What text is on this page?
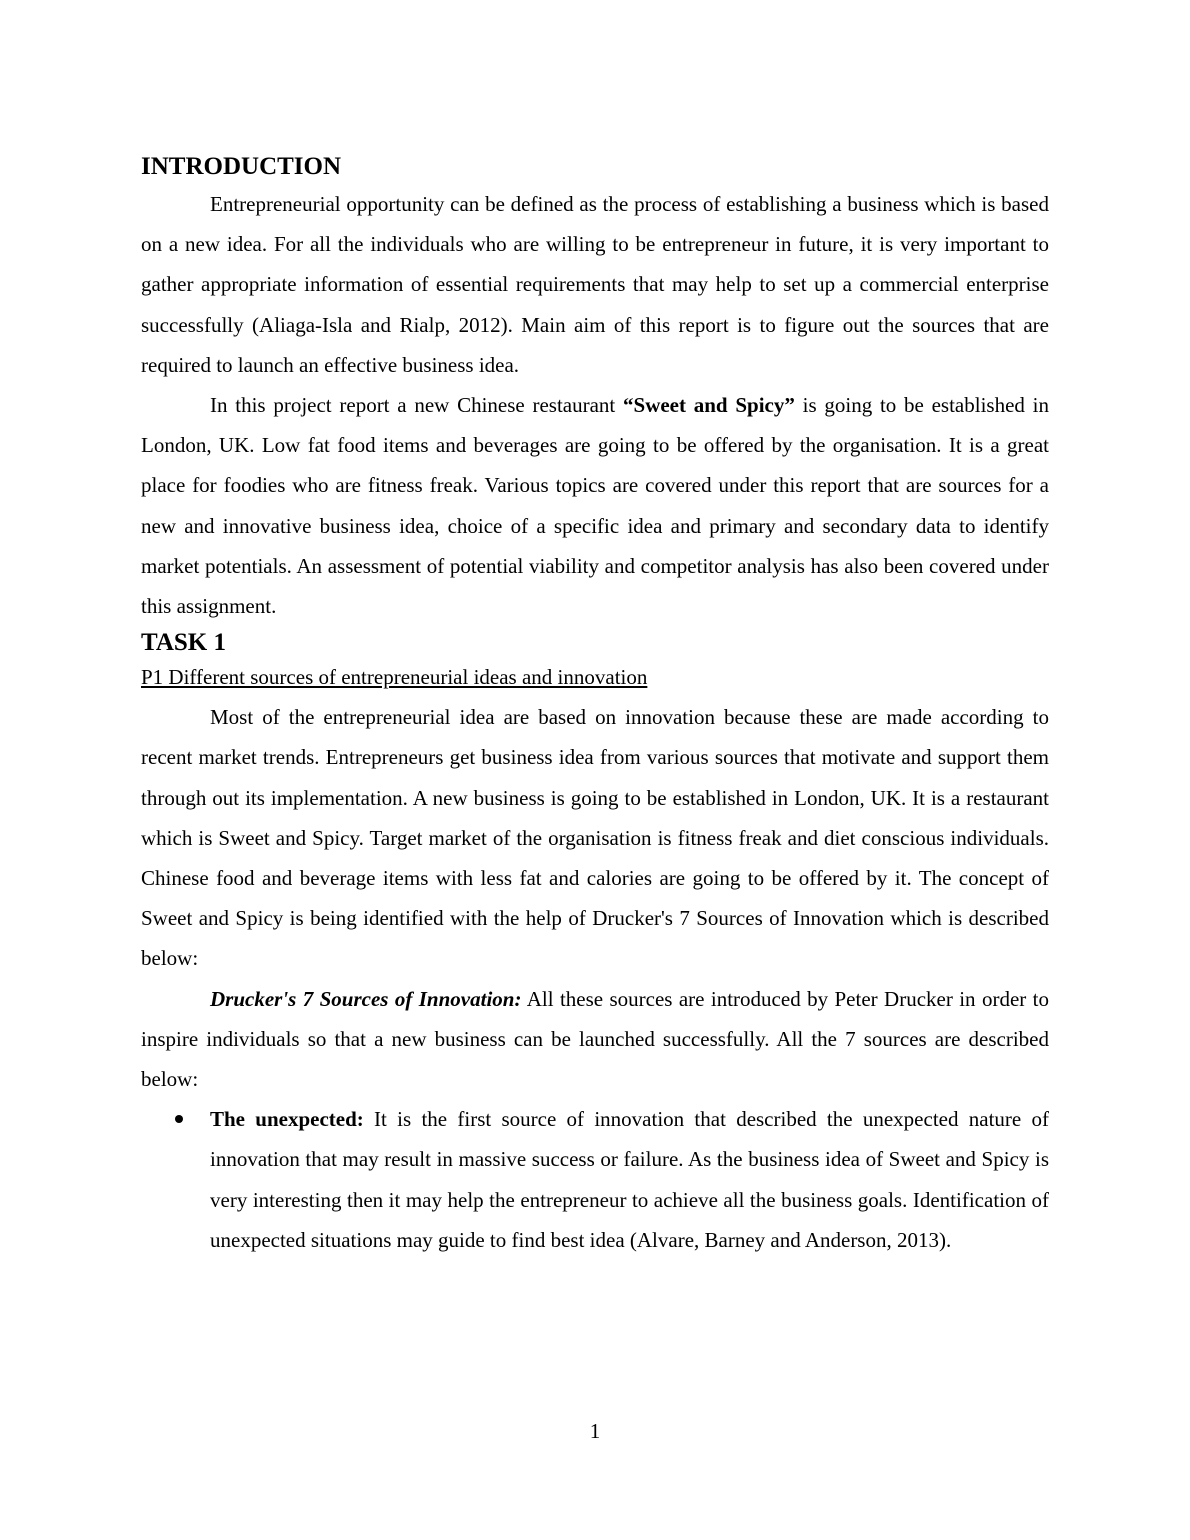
INTRODUCTION

Entrepreneurial opportunity can be defined as the process of establishing a business which is based on a new idea. For all the individuals who are willing to be entrepreneur in future, it is very important to gather appropriate information of essential requirements that may help to set up a commercial enterprise successfully (Aliaga-Isla and Rialp, 2012). Main aim of this report is to figure out the sources that are required to launch an effective business idea.

In this project report a new Chinese restaurant “Sweet and Spicy” is going to be established in London, UK. Low fat food items and beverages are going to be offered by the organisation. It is a great place for foodies who are fitness freak. Various topics are covered under this report that are sources for a new and innovative business idea, choice of a specific idea and primary and secondary data to identify market potentials. An assessment of potential viability and competitor analysis has also been covered under this assignment.

TASK 1
P1 Different sources of entrepreneurial ideas and innovation

Most of the entrepreneurial idea are based on innovation because these are made according to recent market trends. Entrepreneurs get business idea from various sources that motivate and support them through out its implementation. A new business is going to be established in London, UK. It is a restaurant which is Sweet and Spicy. Target market of the organisation is fitness freak and diet conscious individuals. Chinese food and beverage items with less fat and calories are going to be offered by it. The concept of Sweet and Spicy is being identified with the help of Drucker's 7 Sources of Innovation which is described below:

Drucker's 7 Sources of Innovation: All these sources are introduced by Peter Drucker in order to inspire individuals so that a new business can be launched successfully. All the 7 sources are described below:

The unexpected: It is the first source of innovation that described the unexpected nature of innovation that may result in massive success or failure. As the business idea of Sweet and Spicy is very interesting then it may help the entrepreneur to achieve all the business goals. Identification of unexpected situations may guide to find best idea (Alvare, Barney and Anderson, 2013).
1
